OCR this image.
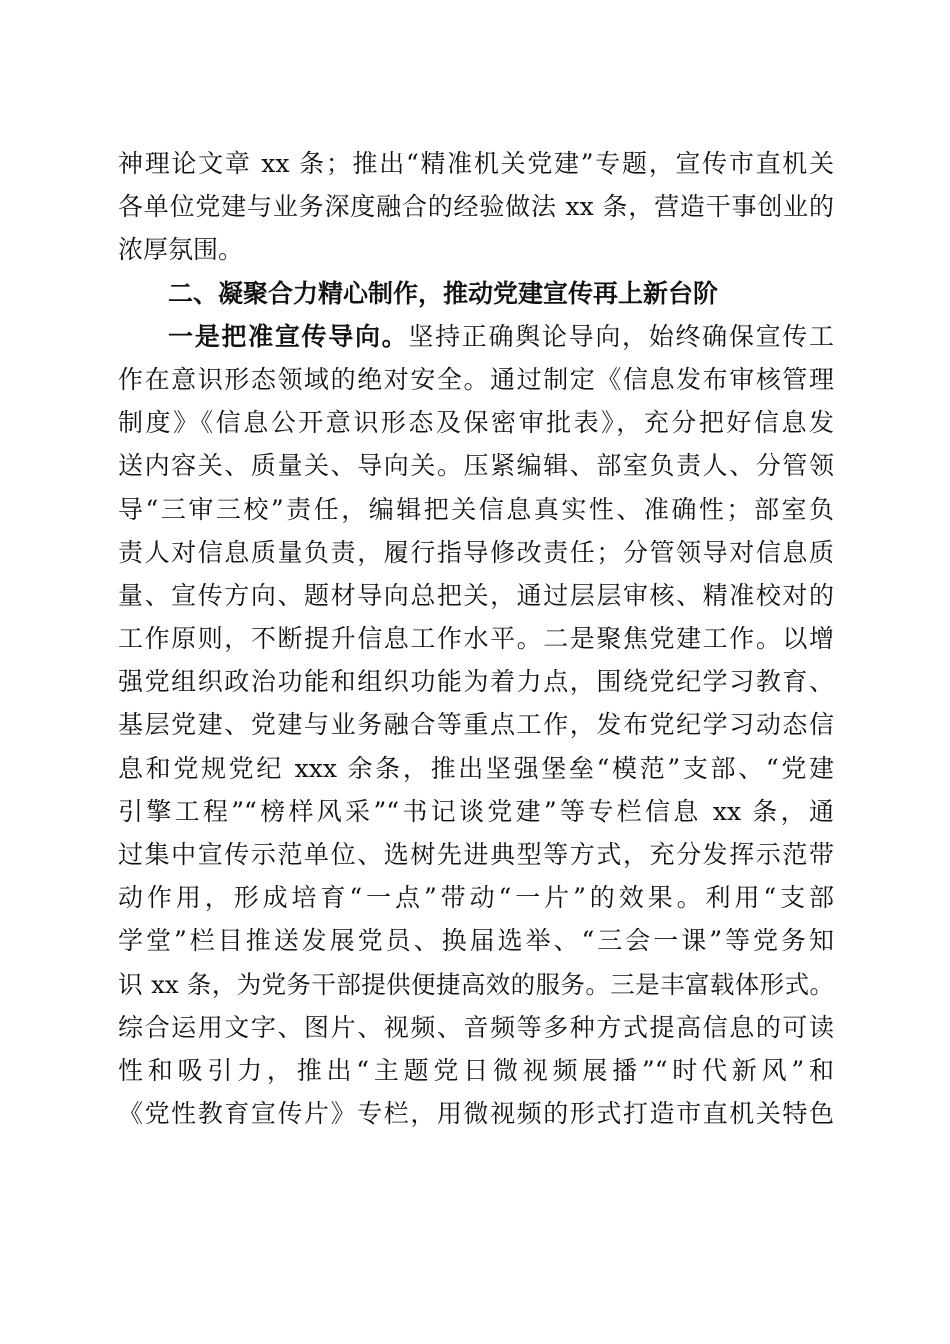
神理论文章 xx 条；推出“精准机关党建”专题，宣传市直机关
各单位党建与业务深度融合的经验做法 xx 条，营造干事创业的
浓厚氛围。
二、凝聚合力精心制作，推动党建宣传再上新台阶
一是把准宣传导向。坚持正确舆论导向，始终确保宣传工
作在意识形态领域的绝对安全。通过制定《信息发布审核管理
制度》《信息公开意识形态及保密审批表》，充分把好信息发
送内容关、质量关、导向关。压紧编辑、部室负责人、分管领
导“三审三校”责任，编辑把关信息真实性、准确性；部室负
责人对信息质量负责，履行指导修改责任；分管领导对信息质
量、宣传方向、题材导向总把关，通过层层审核、精准校对的
工作原则，不断提升信息工作水平。二是聚焦党建工作。以增
强党组织政治功能和组织功能为着力点，围绕党纪学习教育、
基层党建、党建与业务融合等重点工作，发布党纪学习动态信
息和党规党纪 xxx 余条，推出坚强堡垒“模范”支部、“党建
引擎工程”“榜样风采”“书记谈党建”等专栏信息 xx 条，通
过集中宣传示范单位、选树先进典型等方式，充分发挥示范带
动作用，形成培育“一点”带动“一片”的效果。利用“支部
学堂”栏目推送发展党员、换届选举、“三会一课”等党务知
识 xx 条，为党务干部提供便捷高效的服务。三是丰富载体形式。
综合运用文字、图片、视频、音频等多种方式提高信息的可读
性和吸引力，推出“主题党日微视频展播”“时代新风”和
《党性教育宣传片》专栏，用微视频的形式打造市直机关特色
